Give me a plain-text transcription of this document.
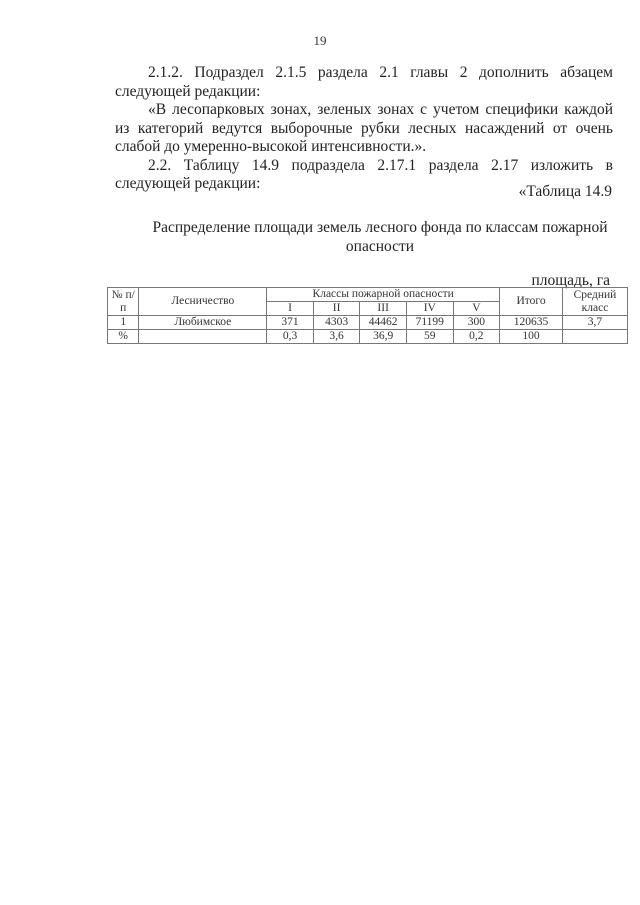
19

2.1.2. Подраздел 2.1.5 раздела 2.1 главы 2 дополнить абзацем следующей редакции:

«В лесопарковых зонах, зеленых зонах с учетом специфики каждой из категорий ведутся выборочные рубки лесных насаждений от очень слабой до умеренно-высокой интенсивности.».

2.2. Таблицу 14.9 подраздела 2.17.1 раздела 2.17 изложить в следующей редакции:	«Таблица 14.9
Распределение площади земель лесного фонда по классам пожарной опасности
площадь, га
№ п/п	Лесничество	Классы пожарной опасности					Итого	Средний класс
		I	II	III	IV	V		
1	Любимское	371	4303	44462	71199	300	120635	3,7
%		0,3	3,6	36,9	59	0,2	100	
